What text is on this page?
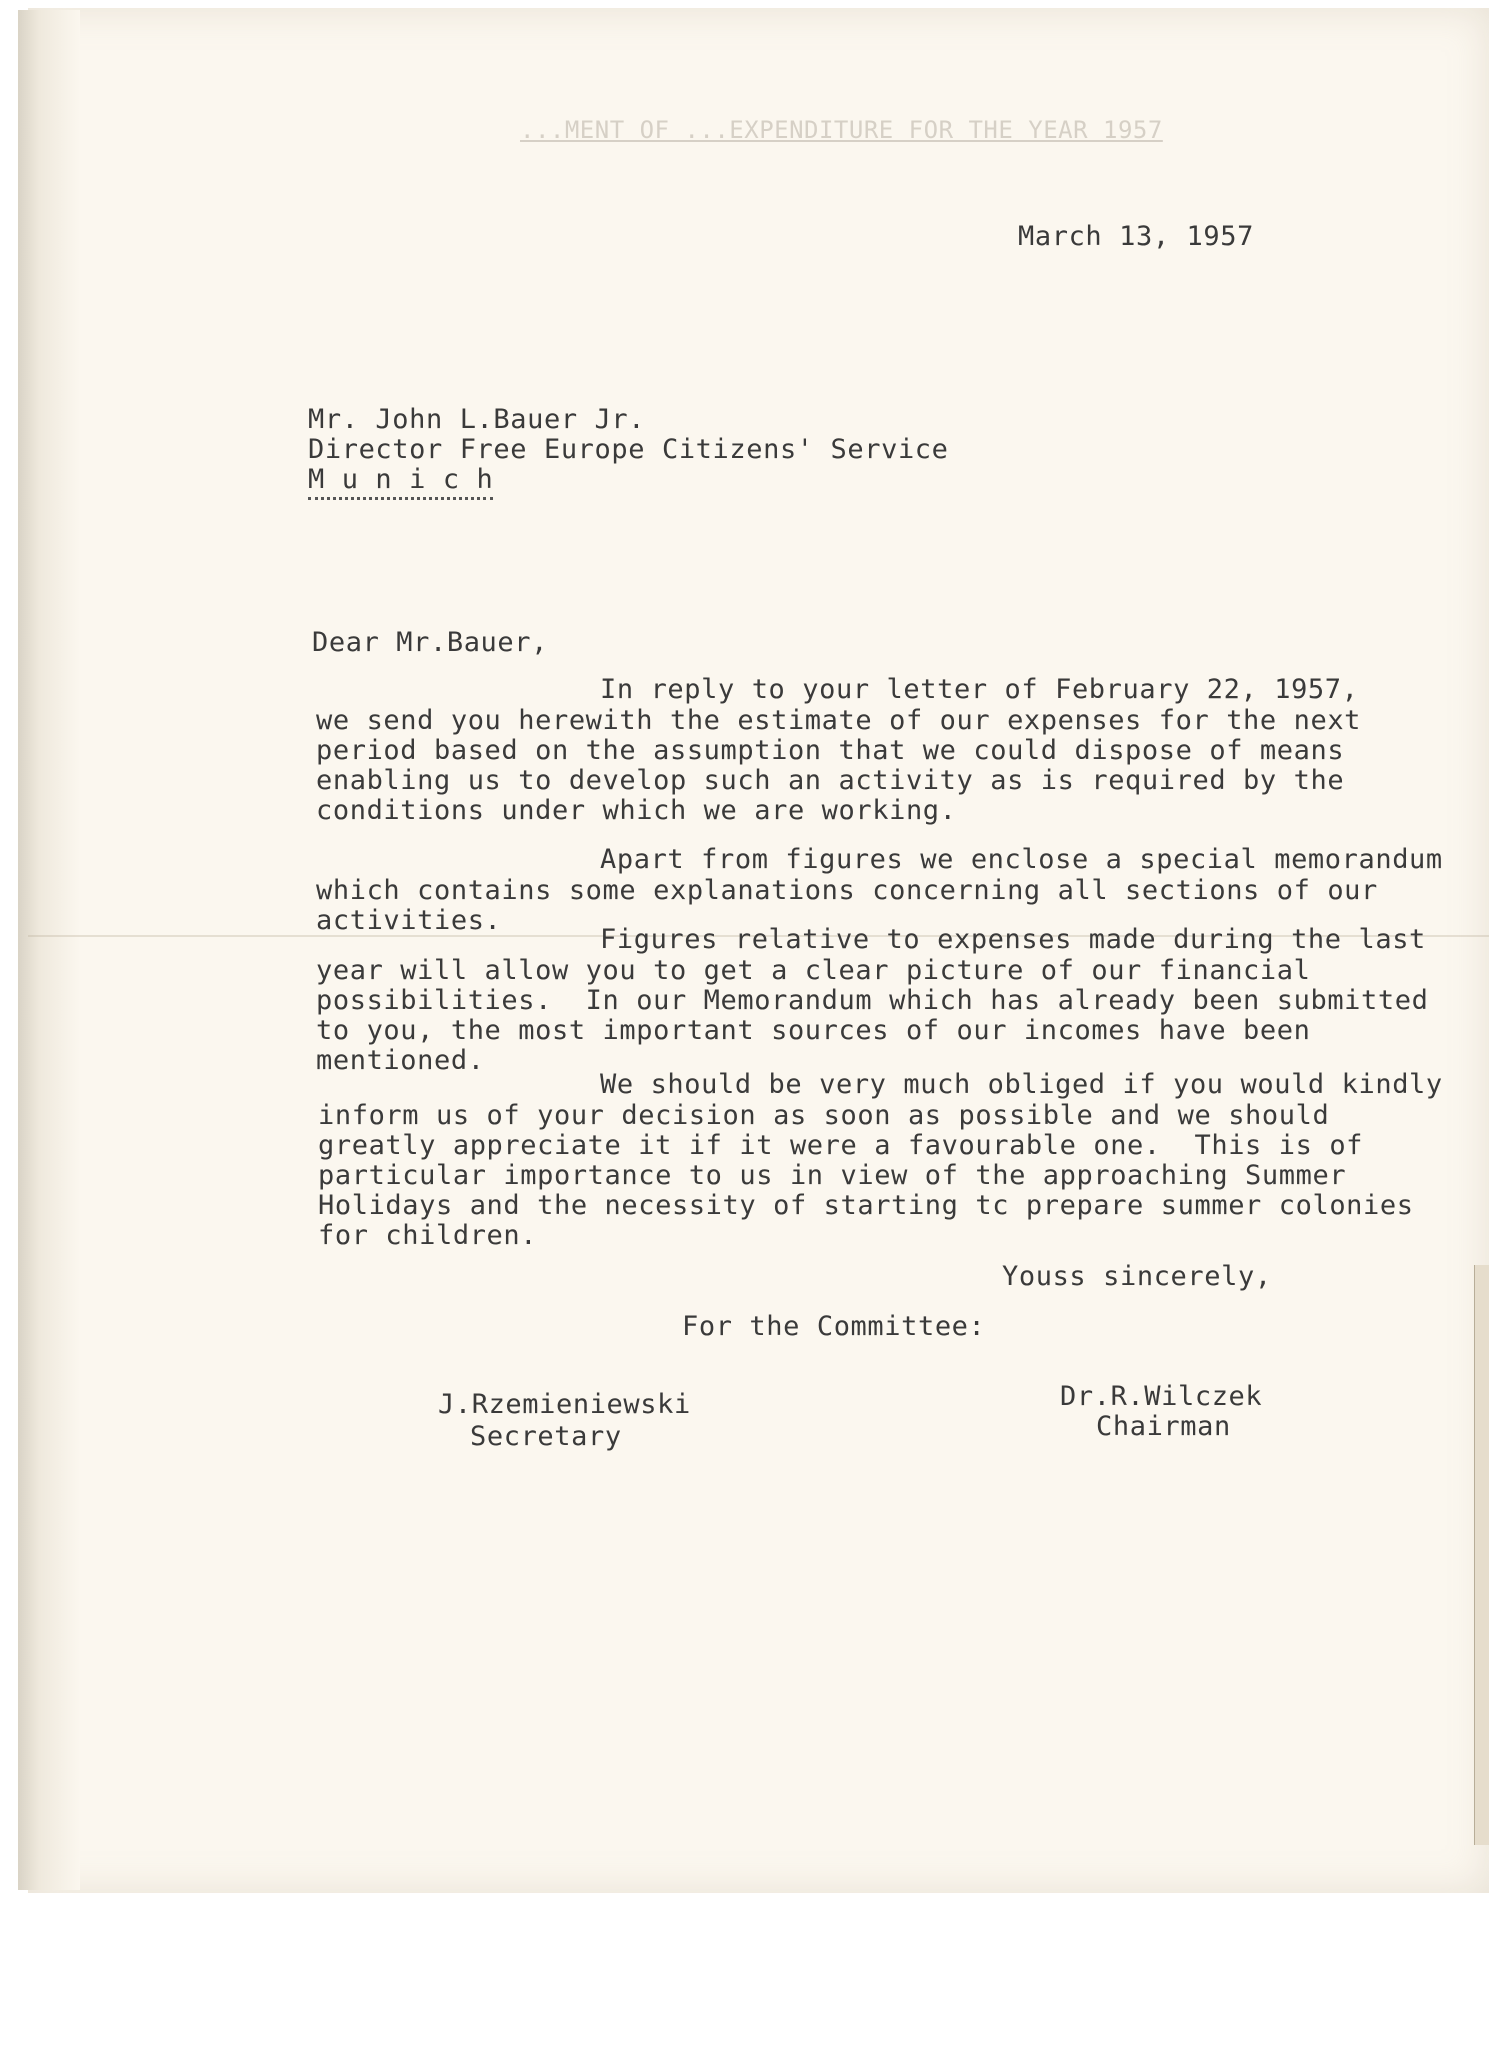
...MENT OF ...EXPENDITURE FOR THE YEAR 1957
March 13, 1957
Mr. John L.Bauer Jr.
Director Free Europe Citizens' Service
M u n i c h
Dear Mr.Bauer,
In reply to your letter of February 22, 1957,
we send you herewith the estimate of our expenses for the next
period based on the assumption that we could dispose of means
enabling us to develop such an activity as is required by the
conditions under which we are working.
Apart from figures we enclose a special memorandum
which contains some explanations concerning all sections of our
activities.
Figures relative to expenses made during the last
year will allow you to get a clear picture of our financial
possibilities.  In our Memorandum which has already been submitted
to you, the most important sources of our incomes have been
mentioned.
We should be very much obliged if you would kindly
inform us of your decision as soon as possible and we should
greatly appreciate it if it were a favourable one.  This is of
particular importance to us in view of the approaching Summer
Holidays and the necessity of starting tc prepare summer colonies
for children.
Youss sincerely,
For the Committee:
J.Rzemieniewski
Secretary
Dr.R.Wilczek
Chairman
